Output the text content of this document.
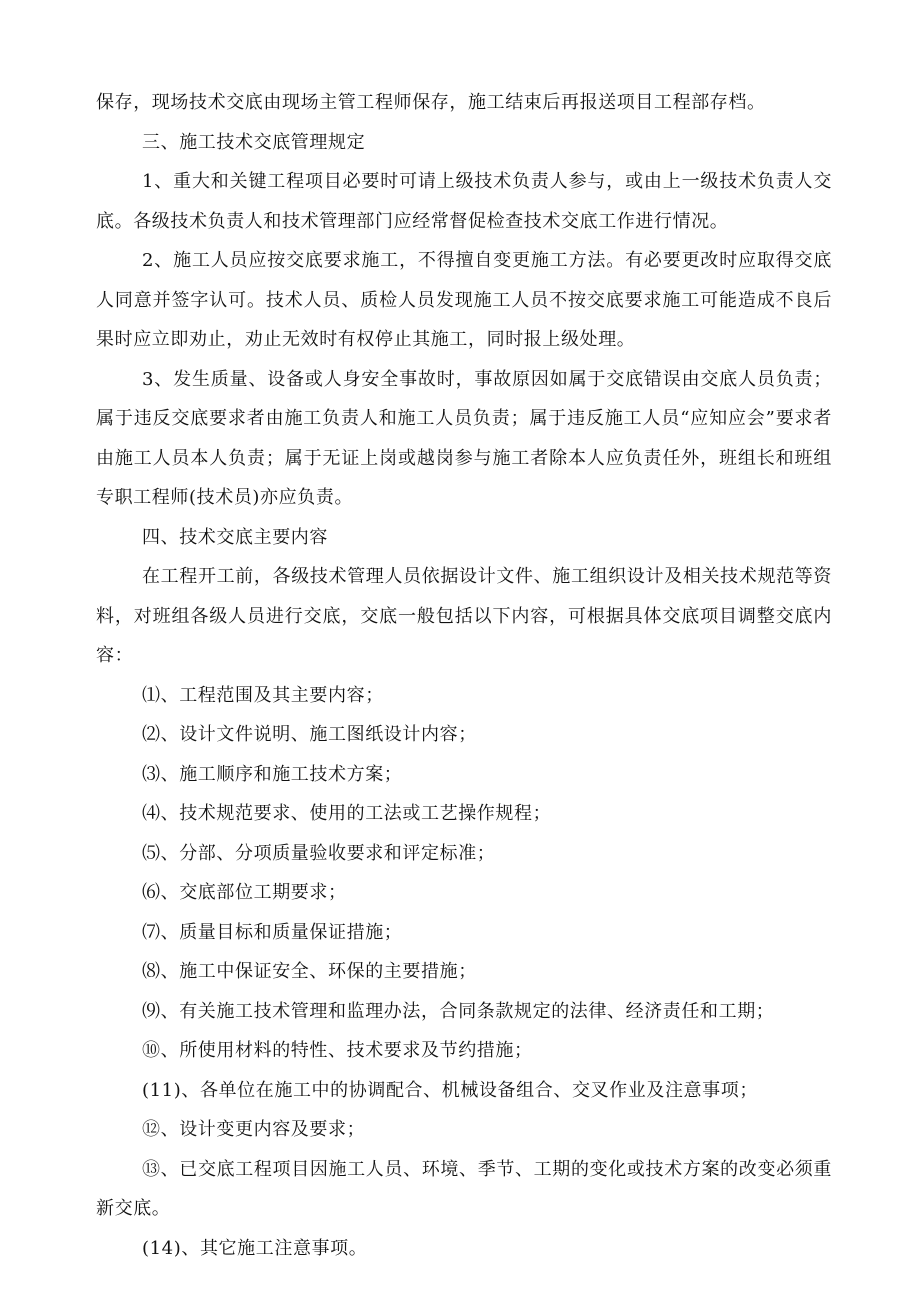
保存，现场技术交底由现场主管工程师保存，施工结束后再报送项目工程部存档。

三、施工技术交底管理规定

1、重大和关键工程项目必要时可请上级技术负责人参与，或由上一级技术负责人交底。各级技术负责人和技术管理部门应经常督促检查技术交底工作进行情况。

2、施工人员应按交底要求施工，不得擅自变更施工方法。有必要更改时应取得交底人同意并签字认可。技术人员、质检人员发现施工人员不按交底要求施工可能造成不良后果时应立即劝止，劝止无效时有权停止其施工，同时报上级处理。

3、发生质量、设备或人身安全事故时，事故原因如属于交底错误由交底人员负责；属于违反交底要求者由施工负责人和施工人员负责；属于违反施工人员“应知应会”要求者由施工人员本人负责；属于无证上岗或越岗参与施工者除本人应负责任外，班组长和班组专职工程师(技术员)亦应负责。

四、技术交底主要内容

在工程开工前，各级技术管理人员依据设计文件、施工组织设计及相关技术规范等资料，对班组各级人员进行交底，交底一般包括以下内容，可根据具体交底项目调整交底内容：

⑴、工程范围及其主要内容；

⑵、设计文件说明、施工图纸设计内容；

⑶、施工顺序和施工技术方案；

⑷、技术规范要求、使用的工法或工艺操作规程；

⑸、分部、分项质量验收要求和评定标准；

⑹、交底部位工期要求；

⑺、质量目标和质量保证措施；

⑻、施工中保证安全、环保的主要措施；

⑼、有关施工技术管理和监理办法，合同条款规定的法律、经济责任和工期；

⑩、所使用材料的特性、技术要求及节约措施；

(11)、各单位在施工中的协调配合、机械设备组合、交叉作业及注意事项；

⑫、设计变更内容及要求；

⑬、已交底工程项目因施工人员、环境、季节、工期的变化或技术方案的改变必须重新交底。

(14)、其它施工注意事项。
